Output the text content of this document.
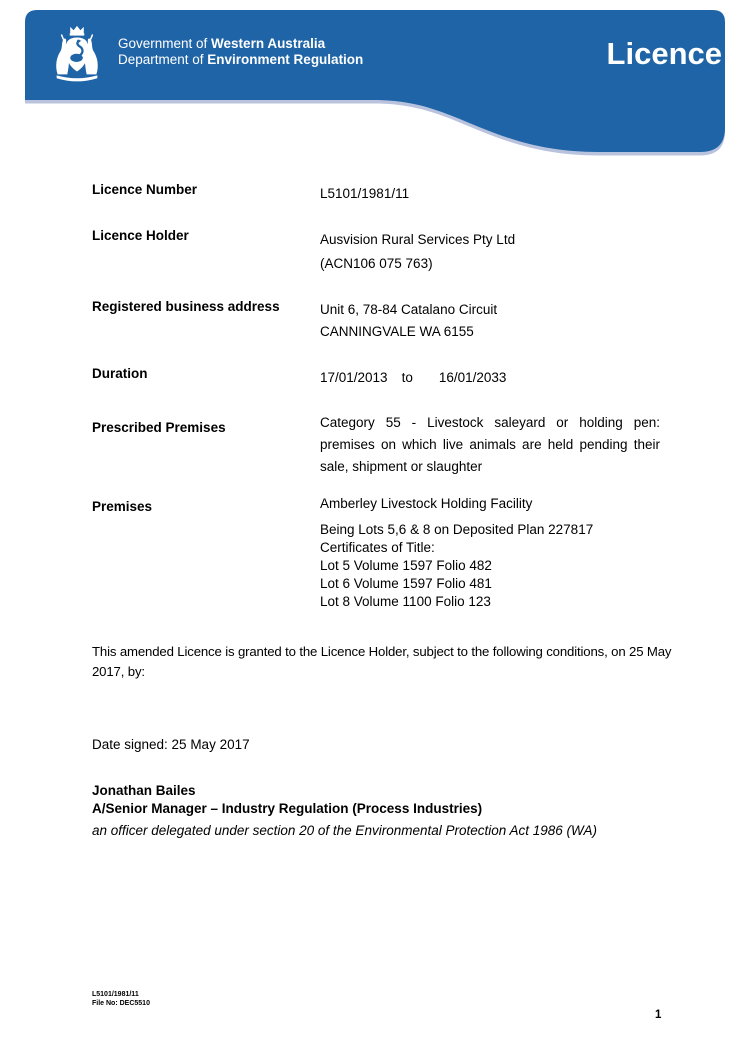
Government of Western Australia
Department of Environment Regulation	Licence
Licence Number	L5101/1981/11
Licence Holder	Ausvision Rural Services Pty Ltd
(ACN106 075 763)
Registered business address	Unit 6, 78-84 Catalano Circuit
CANNINGVALE WA 6155
Duration	17/01/2013 to 16/01/2033
Prescribed Premises	Category 55 - Livestock saleyard or holding pen: premises on which live animals are held pending their sale, shipment or slaughter
Premises	Amberley Livestock Holding Facility
Being Lots 5,6 & 8 on Deposited Plan 227817
Certificates of Title:
Lot 5 Volume 1597 Folio 482
Lot 6 Volume 1597 Folio 481
Lot 8 Volume 1100 Folio 123
This amended Licence is granted to the Licence Holder, subject to the following conditions, on 25 May 2017, by:
Date signed: 25 May 2017
Jonathan Bailes
A/Senior Manager – Industry Regulation (Process Industries)
an officer delegated under section 20 of the Environmental Protection Act 1986 (WA)
L5101/1981/11
File No: DEC5510
1
